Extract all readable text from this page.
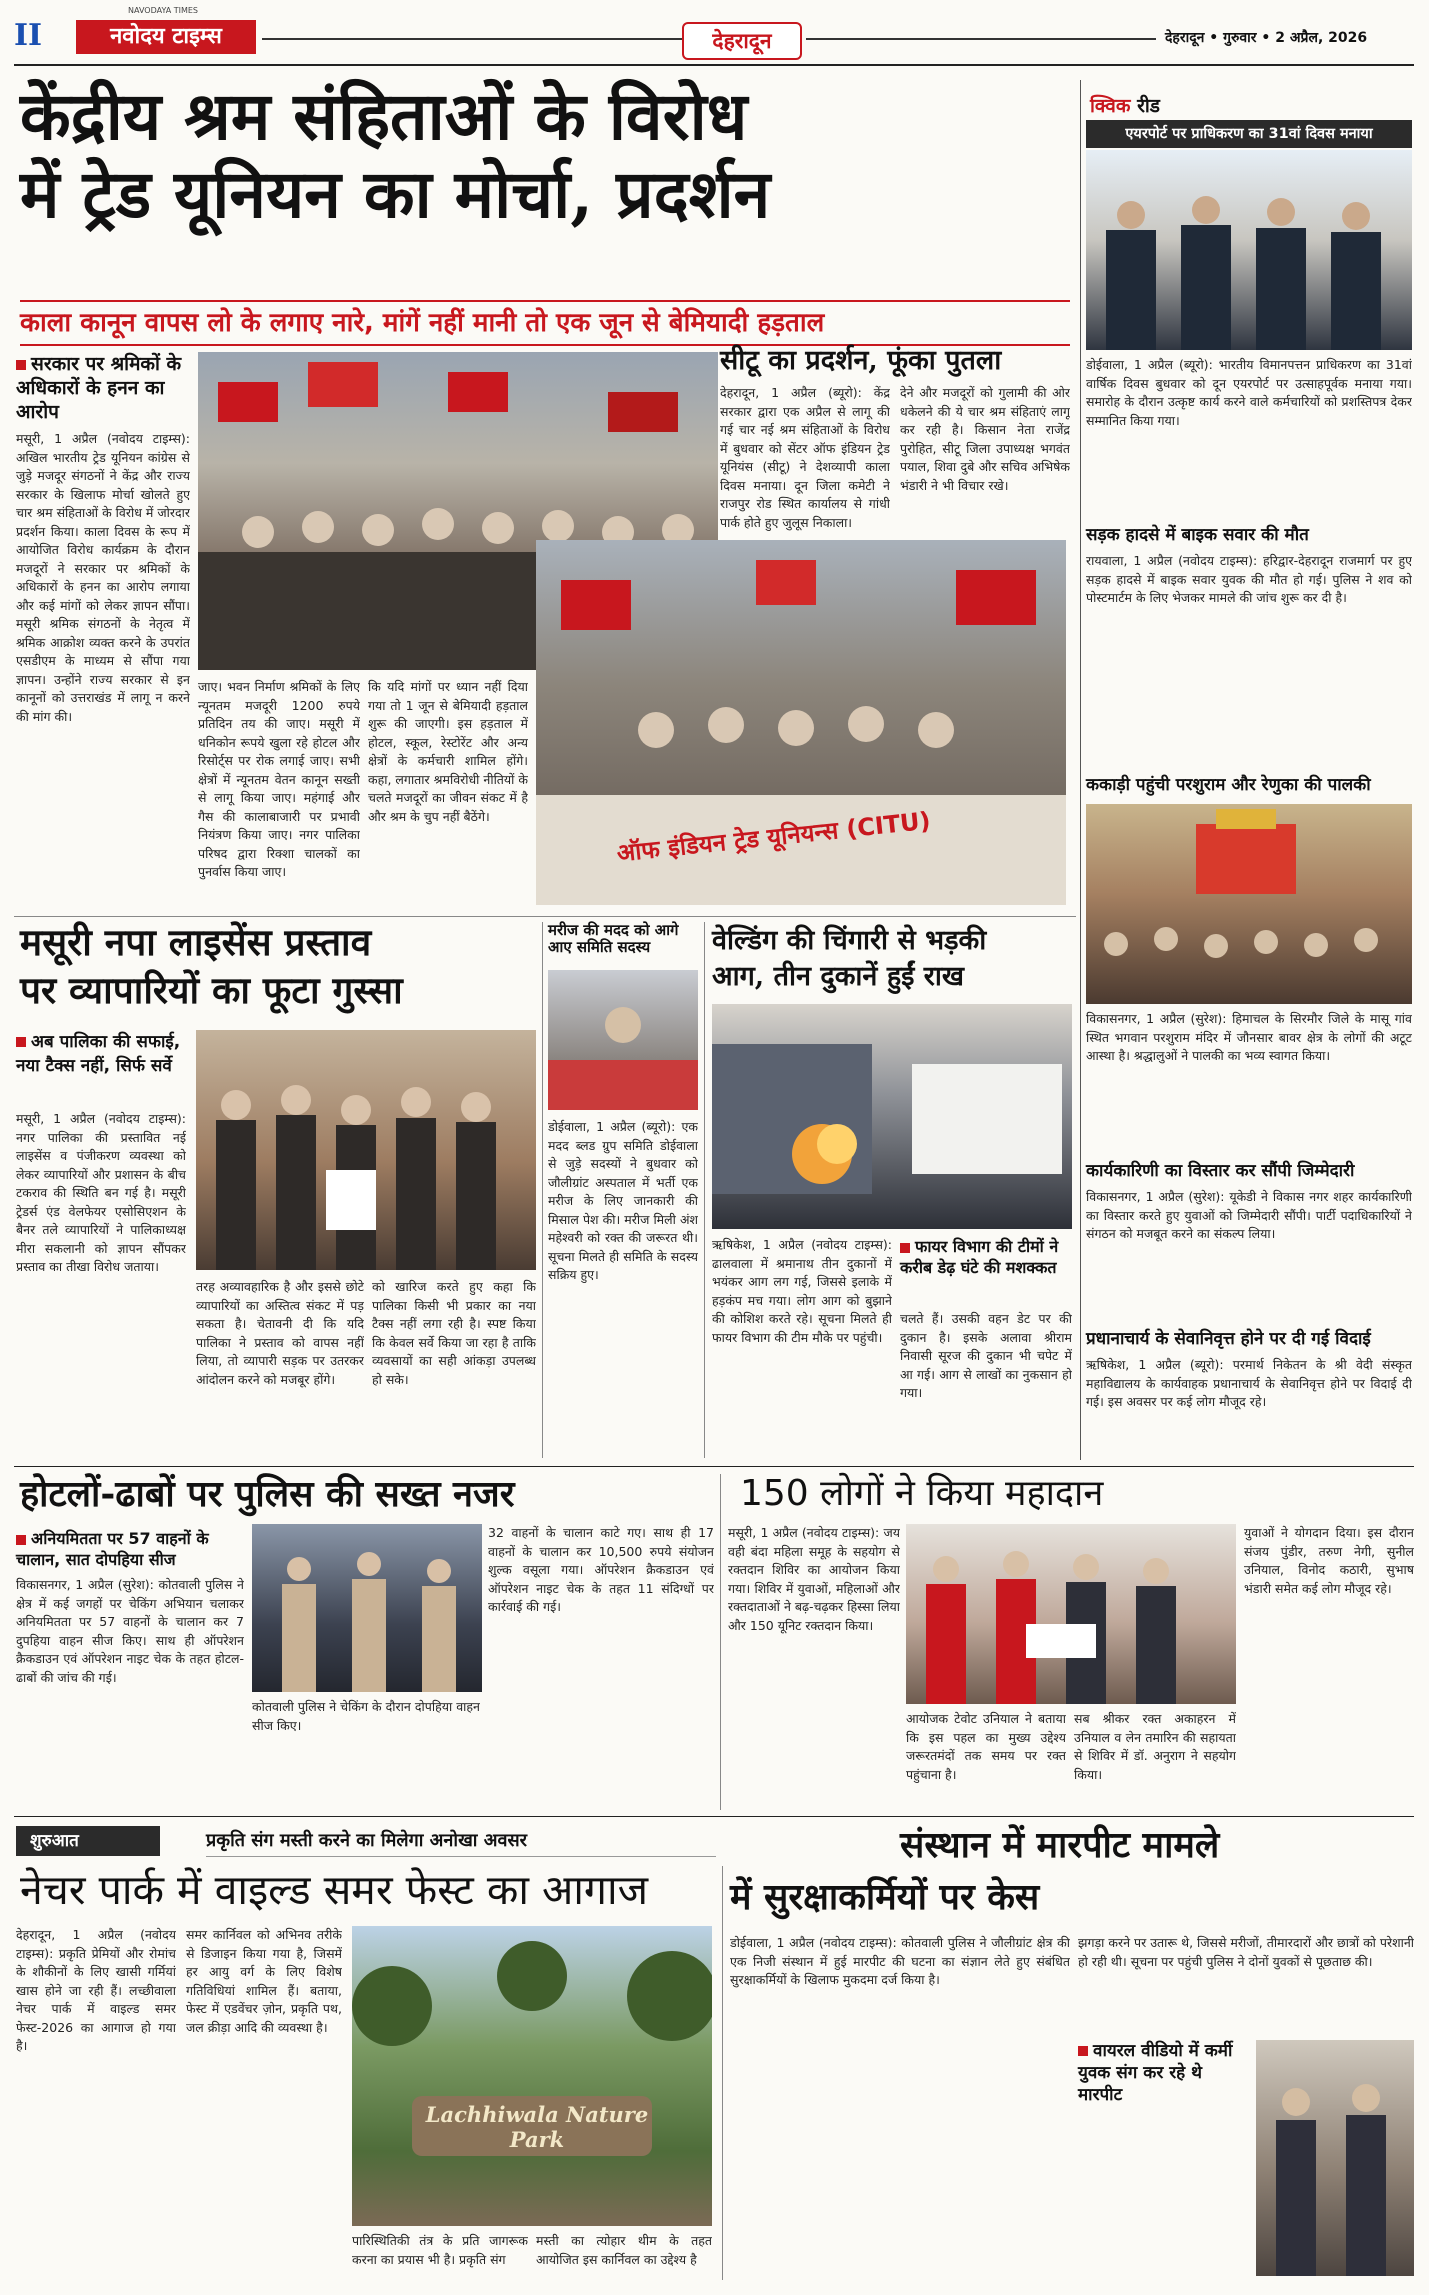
II
NAVODAYA TIMES
नवोदय टाइम्स	देहरादून	देहरादून • गुरुवार • 2 अप्रैल, 2026
केंद्रीय श्रम संहिताओं के विरोध
में ट्रेड यूनियन का मोर्चा, प्रदर्शन
काला कानून वापस लो के लगाए नारे, मांगें नहीं मानी तो एक जून से बेमियादी हड़ताल
सरकार पर श्रमिकों के अधिकारों के हनन का आरोप
मसूरी, 1 अप्रैल (नवोदय टाइम्स): अखिल भारतीय ट्रेड यूनियन कांग्रेस से जुड़े मजदूर संगठनों ने केंद्र और राज्य सरकार के खिलाफ मोर्चा खोलते हुए चार श्रम संहिताओं के विरोध में जोरदार प्रदर्शन किया। काला दिवस के रूप में आयोजित विरोध कार्यक्रम के दौरान मजदूरों ने सरकार पर श्रमिकों के अधिकारों के हनन का आरोप लगाया और कई मांगों को लेकर ज्ञापन सौंपा। मसूरी श्रमिक संगठनों के नेतृत्व में श्रमिक आक्रोश व्यक्त करने के उपरांत एसडीएम के माध्यम से सौंपा गया ज्ञापन। उन्होंने राज्य सरकार से इन कानूनों को उत्तराखंड में लागू न करने की मांग की।
जाए। भवन निर्माण श्रमिकों के लिए न्यूनतम मजदूरी 1200 रुपये प्रतिदिन तय की जाए। मसूरी में धनिकोन रूपये खुला रहे होटल और रिसोर्ट्स पर रोक लगाई जाए। सभी क्षेत्रों में न्यूनतम वेतन कानून सख्ती से लागू किया जाए। महंगाई और गैस की कालाबाजारी पर प्रभावी नियंत्रण किया जाए। नगर पालिका परिषद द्वारा रिक्शा चालकों का पुनर्वास किया जाए।
कि यदि मांगों पर ध्यान नहीं दिया गया तो 1 जून से बेमियादी हड़ताल शुरू की जाएगी। इस हड़ताल में होटल, स्कूल, रेस्टोरेंट और अन्य क्षेत्रों के कर्मचारी शामिल होंगे। कहा, लगातार श्रमविरोधी नीतियों के चलते मजदूरों का जीवन संकट में है और श्रम के चुप नहीं बैठेंगे।
सीटू का प्रदर्शन, फूंका पुतला
देहरादून, 1 अप्रैल (ब्यूरो): केंद्र सरकार द्वारा एक अप्रैल से लागू की गई चार नई श्रम संहिताओं के विरोध में बुधवार को सेंटर ऑफ इंडियन ट्रेड यूनियंस (सीटू) ने देशव्यापी काला दिवस मनाया। दून जिला कमेटी ने राजपुर रोड स्थित कार्यालय से गांधी पार्क होते हुए जुलूस निकाला।
देने और मजदूरों को गुलामी की ओर धकेलने की ये चार श्रम संहिताएं लागू कर रही है। किसान नेता राजेंद्र पुरोहित, सीटू जिला उपाध्यक्ष भगवंत पयाल, शिवा दुबे और सचिव अभिषेक भंडारी ने भी विचार रखे।
ऑफ इंडियन ट्रेड यूनियन्स (CITU)
मसूरी नपा लाइसेंस प्रस्ताव
पर व्यापारियों का फूटा गुस्सा
अब पालिका की सफाई, नया टैक्स नहीं, सिर्फ सर्वे
मसूरी, 1 अप्रैल (नवोदय टाइम्स): नगर पालिका की प्रस्तावित नई लाइसेंस व पंजीकरण व्यवस्था को लेकर व्यापारियों और प्रशासन के बीच टकराव की स्थिति बन गई है। मसूरी ट्रेडर्स एंड वेलफेयर एसोसिएशन के बैनर तले व्यापारियों ने पालिकाध्यक्ष मीरा सकलानी को ज्ञापन सौंपकर प्रस्ताव का तीखा विरोध जताया।
तरह अव्यावहारिक है और इससे छोटे व्यापारियों का अस्तित्व संकट में पड़ सकता है। चेतावनी दी कि यदि पालिका ने प्रस्ताव को वापस नहीं लिया, तो व्यापारी सड़क पर उतरकर आंदोलन करने को मजबूर होंगे।
को खारिज करते हुए कहा कि पालिका किसी भी प्रकार का नया टैक्स नहीं लगा रही है। स्पष्ट किया कि केवल सर्वे किया जा रहा है ताकि व्यवसायों का सही आंकड़ा उपलब्ध हो सके।
मरीज की मदद को आगे आए समिति सदस्य
डोईवाला, 1 अप्रैल (ब्यूरो): एक मदद ब्लड ग्रुप समिति डोईवाला से जुड़े सदस्यों ने बुधवार को जौलीग्रांट अस्पताल में भर्ती एक मरीज के लिए जानकारी की मिसाल पेश की। मरीज मिली अंश महेश्वरी को रक्त की जरूरत थी। सूचना मिलते ही समिति के सदस्य सक्रिय हुए।
वेल्डिंग की चिंगारी से भड़की
आग, तीन दुकानें हुईं राख
ऋषिकेश, 1 अप्रैल (नवोदय टाइम्स): ढालवाला में श्रमानाथ तीन दुकानों में भयंकर आग लग गई, जिससे इलाके में हड़कंप मच गया। लोग आग को बुझाने की कोशिश करते रहे। सूचना मिलते ही फायर विभाग की टीम मौके पर पहुंची।
फायर विभाग की टीमों ने करीब डेढ़ घंटे की मशक्कत
चलते हैं। उसकी वहन डेट पर की दुकान है। इसके अलावा श्रीराम निवासी सूरज की दुकान भी चपेट में आ गई। आग से लाखों का नुकसान हो गया।
क्विक रीड
एयरपोर्ट पर प्राधिकरण का 31वां दिवस मनाया
डोईवाला, 1 अप्रैल (ब्यूरो): भारतीय विमानपत्तन प्राधिकरण का 31वां वार्षिक दिवस बुधवार को दून एयरपोर्ट पर उत्साहपूर्वक मनाया गया। समारोह के दौरान उत्कृष्ट कार्य करने वाले कर्मचारियों को प्रशस्तिपत्र देकर सम्मानित किया गया।
सड़क हादसे में बाइक सवार की मौत
रायवाला, 1 अप्रैल (नवोदय टाइम्स): हरिद्वार-देहरादून राजमार्ग पर हुए सड़क हादसे में बाइक सवार युवक की मौत हो गई। पुलिस ने शव को पोस्टमार्टम के लिए भेजकर मामले की जांच शुरू कर दी है।
ककाड़ी पहुंची परशुराम और रेणुका की पालकी
विकासनगर, 1 अप्रैल (सुरेश): हिमाचल के सिरमौर जिले के मासू गांव स्थित भगवान परशुराम मंदिर में जौनसार बावर क्षेत्र के लोगों की अटूट आस्था है। श्रद्धालुओं ने पालकी का भव्य स्वागत किया।
कार्यकारिणी का विस्तार कर सौंपी जिम्मेदारी
विकासनगर, 1 अप्रैल (सुरेश): यूकेडी ने विकास नगर शहर कार्यकारिणी का विस्तार करते हुए युवाओं को जिम्मेदारी सौंपी। पार्टी पदाधिकारियों ने संगठन को मजबूत करने का संकल्प लिया।
प्रधानाचार्य के सेवानिवृत्त होने पर दी गई विदाई
ऋषिकेश, 1 अप्रैल (ब्यूरो): परमार्थ निकेतन के श्री वेदी संस्कृत महाविद्यालय के कार्यवाहक प्रधानाचार्य के सेवानिवृत्त होने पर विदाई दी गई। इस अवसर पर कई लोग मौजूद रहे।
होटलों-ढाबों पर पुलिस की सख्त नजर
अनियमितता पर 57 वाहनों के चालान, सात दोपहिया सीज
विकासनगर, 1 अप्रैल (सुरेश): कोतवाली पुलिस ने क्षेत्र में कई जगहों पर चेकिंग अभियान चलाकर अनियमितता पर 57 वाहनों के चालान कर 7 दुपहिया वाहन सीज किए। साथ ही ऑपरेशन क्रैकडाउन एवं ऑपरेशन नाइट चेक के तहत होटल-ढाबों की जांच की गई।
कोतवाली पुलिस ने चेकिंग के दौरान दोपहिया वाहन सीज किए।
32 वाहनों के चालान काटे गए। साथ ही 17 वाहनों के चालान कर 10,500 रुपये संयोजन शुल्क वसूला गया। ऑपरेशन क्रैकडाउन एवं ऑपरेशन नाइट चेक के तहत 11 संदिग्धों पर कार्रवाई की गई।
150 लोगों ने किया महादान
मसूरी, 1 अप्रैल (नवोदय टाइम्स): जय वही बंदा महिला समूह के सहयोग से रक्तदान शिविर का आयोजन किया गया। शिविर में युवाओं, महिलाओं और रक्तदाताओं ने बढ़-चढ़कर हिस्सा लिया और 150 यूनिट रक्तदान किया।
आयोजक टेवोट उनियाल ने बताया कि इस पहल का मुख्य उद्देश्य जरूरतमंदों तक समय पर रक्त पहुंचाना है।
सब श्रीकर रक्त अकाहरन में उनियाल व लेन तमारिन की सहायता से शिविर में डॉ. अनुराग ने सहयोग किया।
युवाओं ने योगदान दिया। इस दौरान संजय पुंडीर, तरुण नेगी, सुनील उनियाल, विनोद कठारी, सुभाष भंडारी समेत कई लोग मौजूद रहे।
शुरुआत	प्रकृति संग मस्ती करने का मिलेगा अनोखा अवसर
नेचर पार्क में वाइल्ड समर फेस्ट का आगाज
देहरादून, 1 अप्रैल (नवोदय टाइम्स): प्रकृति प्रेमियों और रोमांच के शौकीनों के लिए खासी गर्मियां खास होने जा रही हैं। लच्छीवाला नेचर पार्क में वाइल्ड समर फेस्ट-2026 का आगाज हो गया है।
समर कार्निवल को अभिनव तरीके से डिजाइन किया गया है, जिसमें हर आयु वर्ग के लिए विशेष गतिविधियां शामिल हैं। बताया, फेस्ट में एडवेंचर ज़ोन, प्रकृति पथ, जल क्रीड़ा आदि की व्यवस्था है।
Lachhiwala Nature Park
पारिस्थितिकी तंत्र के प्रति जागरूक करना का प्रयास भी है। प्रकृति संग
मस्ती का त्योहार थीम के तहत आयोजित इस कार्निवल का उद्देश्य है
संस्थान में मारपीट मामले
में सुरक्षाकर्मियों पर केस
डोईवाला, 1 अप्रैल (नवोदय टाइम्स): कोतवाली पुलिस ने जौलीग्रांट क्षेत्र की एक निजी संस्थान में हुई मारपीट की घटना का संज्ञान लेते हुए संबंधित सुरक्षाकर्मियों के खिलाफ मुकदमा दर्ज किया है।
झगड़ा करने पर उतारू थे, जिससे मरीजों, तीमारदारों और छात्रों को परेशानी हो रही थी। सूचना पर पहुंची पुलिस ने दोनों युवकों से पूछताछ की।
वायरल वीडियो में कर्मी युवक संग कर रहे थे मारपीट
